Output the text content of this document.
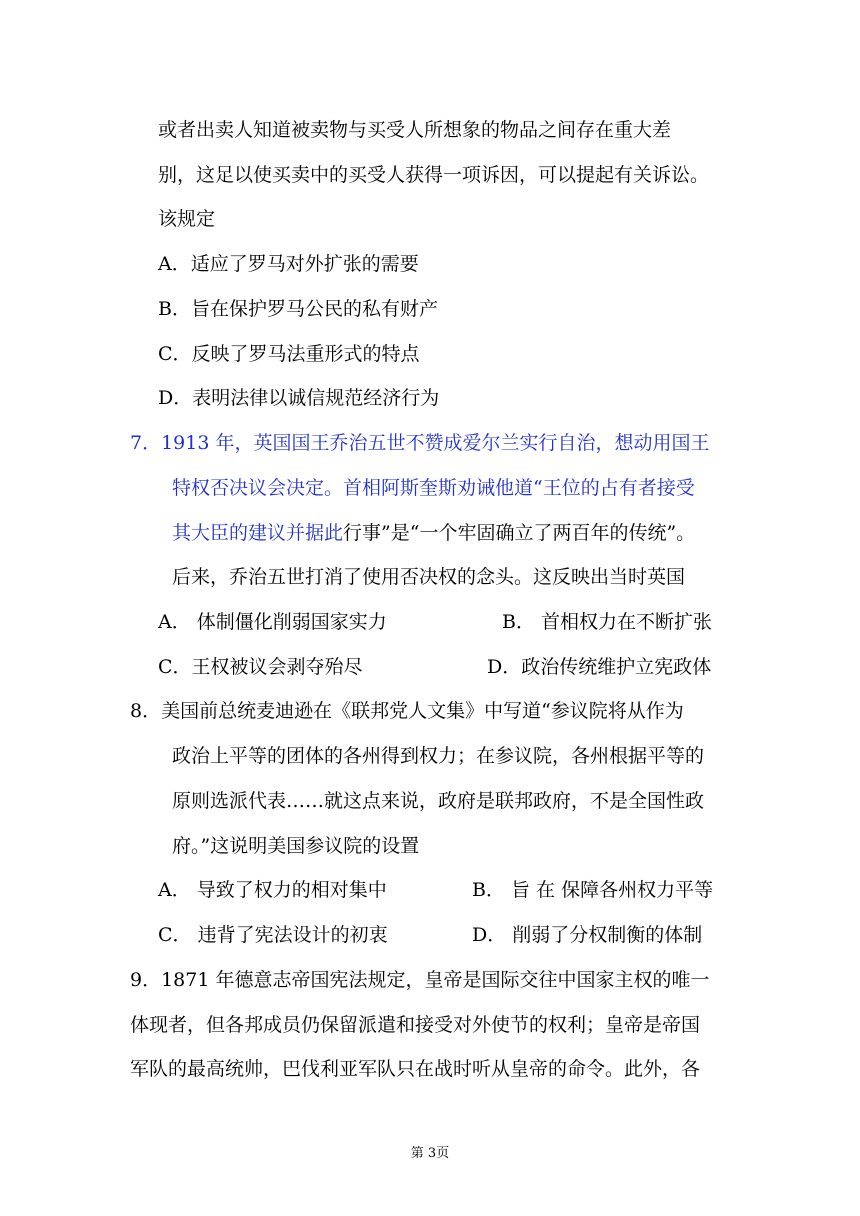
或者出卖人知道被卖物与买受人所想象的物品之间存在重大差
别，这足以使买卖中的买受人获得一项诉因，可以提起有关诉讼。
该规定
A．适应了罗马对外扩张的需要
B．旨在保护罗马公民的私有财产
C．反映了罗马法重形式的特点
D．表明法律以诚信规范经济行为
7．1913 年，英国国王乔治五世不赞成爱尔兰实行自治，想动用国王
特权否决议会决定。首相阿斯奎斯劝诫他道“王位的占有者接受
其大臣的建议并据此行事”是“一个牢固确立了两百年的传统”。
后来，乔治五世打消了使用否决权的念头。这反映出当时英国
A． 体制僵化削弱国家实力	B． 首相权力在不断扩张
C．王权被议会剥夺殆尽	D．政治传统维护立宪政体
8．美国前总统麦迪逊在《联邦党人文集》中写道“参议院将从作为
政治上平等的团体的各州得到权力；在参议院，各州根据平等的
原则选派代表……就这点来说，政府是联邦政府，不是全国性政
府。”这说明美国参议院的设置
A． 导致了权力的相对集中	B． 旨 在 保障各州权力平等
C． 违背了宪法设计的初衷	D． 削弱了分权制衡的体制
9．1871 年德意志帝国宪法规定，皇帝是国际交往中国家主权的唯一
体现者，但各邦成员仍保留派遣和接受对外使节的权利；皇帝是帝国
军队的最高统帅，巴伐利亚军队只在战时听从皇帝的命令。此外，各
第 3页
